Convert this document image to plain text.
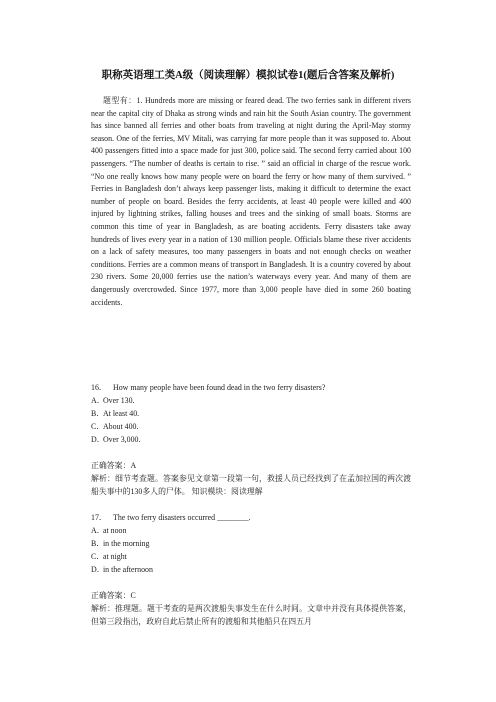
职称英语理工类A级（阅读理解）模拟试卷1(题后含答案及解析)

题型有：1. Hundreds more are missing or feared dead. The two ferries sank in different rivers near the capital city of Dhaka as strong winds and rain hit the South Asian country. The government has since banned all ferries and other boats from traveling at night during the April-May stormy season. One of the ferries, MV Mitali, was carrying far more people than it was supposed to. About 400 passengers fitted into a space made for just 300, police said. The second ferry carried about 100 passengers. “The number of deaths is certain to rise. ” said an official in charge of the rescue work. “No one really knows how many people were on board the ferry or how many of them survived. ” Ferries in Bangladesh don’t always keep passenger lists, making it difficult to determine the exact number of people on board. Besides the ferry accidents, at least 40 people were killed and 400 injured by lightning strikes, falling houses and trees and the sinking of small boats. Storms are common this time of year in Bangladesh, as are boating accidents. Ferry disasters take away hundreds of lives every year in a nation of 130 million people. Officials blame these river accidents on a lack of safety measures, too many passengers in boats and not enough checks on weather conditions. Ferries are a common means of transport in Bangladesh. It is a country covered by about 230 rivers. Some 20,000 ferries use the nation’s waterways every year. And many of them are dangerously overcrowded. Since 1977, more than 3,000 people have died in some 260 boating accidents.

16． How many people have been found dead in the two ferry disasters?

A．  Over 130.

B．  At least 40.

C．  About 400.

D．  Over 3,000.

正确答案：A

解析：细节考查题。答案参见文章第一段第一句，救援人员已经找到了在孟加拉国的两次渡船失事中的130多人的尸体。 知识模块：阅读理解

17． The two ferry disasters occurred ________.

A．  at noon

B．  in the morning

C．  at night

D．  in the afternoon

正确答案：C

解析：推理题。题干考查的是两次渡船失事发生在什么时间。文章中并没有具体提供答案，但第三段指出，政府自此后禁止所有的渡船和其他船只在四五月
